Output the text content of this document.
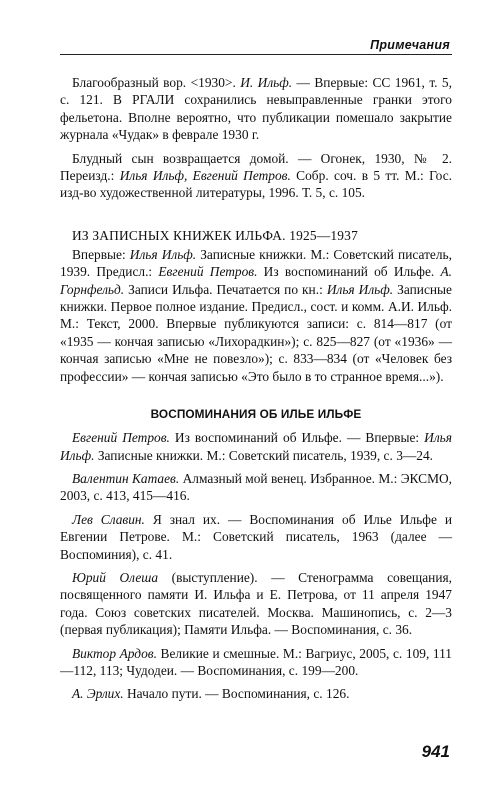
Примечания

Благообразный вор. <1930>. И. Ильф. — Впервые: СС 1961, т. 5, с. 121. В РГАЛИ сохранились невыправленные гранки этого фельетона. Вполне вероятно, что публикации помешало закрытие журнала «Чудак» в феврале 1930 г.

Блудный сын возвращается домой. — Огонек, 1930, № 2. Переизд.: Илья Ильф, Евгений Петров. Собр. соч. в 5 тт. М.: Гос. изд-во художественной литературы, 1996. Т. 5, с. 105.

ИЗ ЗАПИСНЫХ КНИЖЕК ИЛЬФА. 1925—1937

Впервые: Илья Ильф. Записные книжки. М.: Советский писатель, 1939. Предисл.: Евгений Петров. Из воспоминаний об Ильфе. А. Горнфельд. Записи Ильфа. Печатается по кн.: Илья Ильф. Записные книжки. Первое полное издание. Предисл., сост. и комм. А.И. Ильф. М.: Текст, 2000. Впервые публикуются записи: с. 814—817 (от «1935 — кончая записью «Лихорадкин»); с. 825—827 (от «1936» — кончая записью «Мне не повезло»); с. 833—834 (от «Человек без профессии» — кончая записью «Это было в то странное время...»).

ВОСПОМИНАНИЯ ОБ ИЛЬЕ ИЛЬФЕ

Евгений Петров. Из воспоминаний об Ильфе. — Впервые: Илья Ильф. Записные книжки. М.: Советский писатель, 1939, с. 3—24.

Валентин Катаев. Алмазный мой венец. Избранное. М.: ЭКСМО, 2003, с. 413, 415—416.

Лев Славин. Я знал их. — Воспоминания об Илье Ильфе и Евгении Петрове. М.: Советский писатель, 1963 (далее — Воспоминия), с. 41.

Юрий Олеша (выступление). — Стенограмма совещания, посвященного памяти И. Ильфа и Е. Петрова, от 11 апреля 1947 года. Союз советских писателей. Москва. Машинопись, с. 2—3 (первая публикация); Памяти Ильфа. — Воспоминания, с. 36.

Виктор Ардов. Великие и смешные. М.: Вагриус, 2005, с. 109, 111—112, 113; Чудодеи. — Воспоминания, с. 199—200.

А. Эрлих. Начало пути. — Воспоминания, с. 126.

941
